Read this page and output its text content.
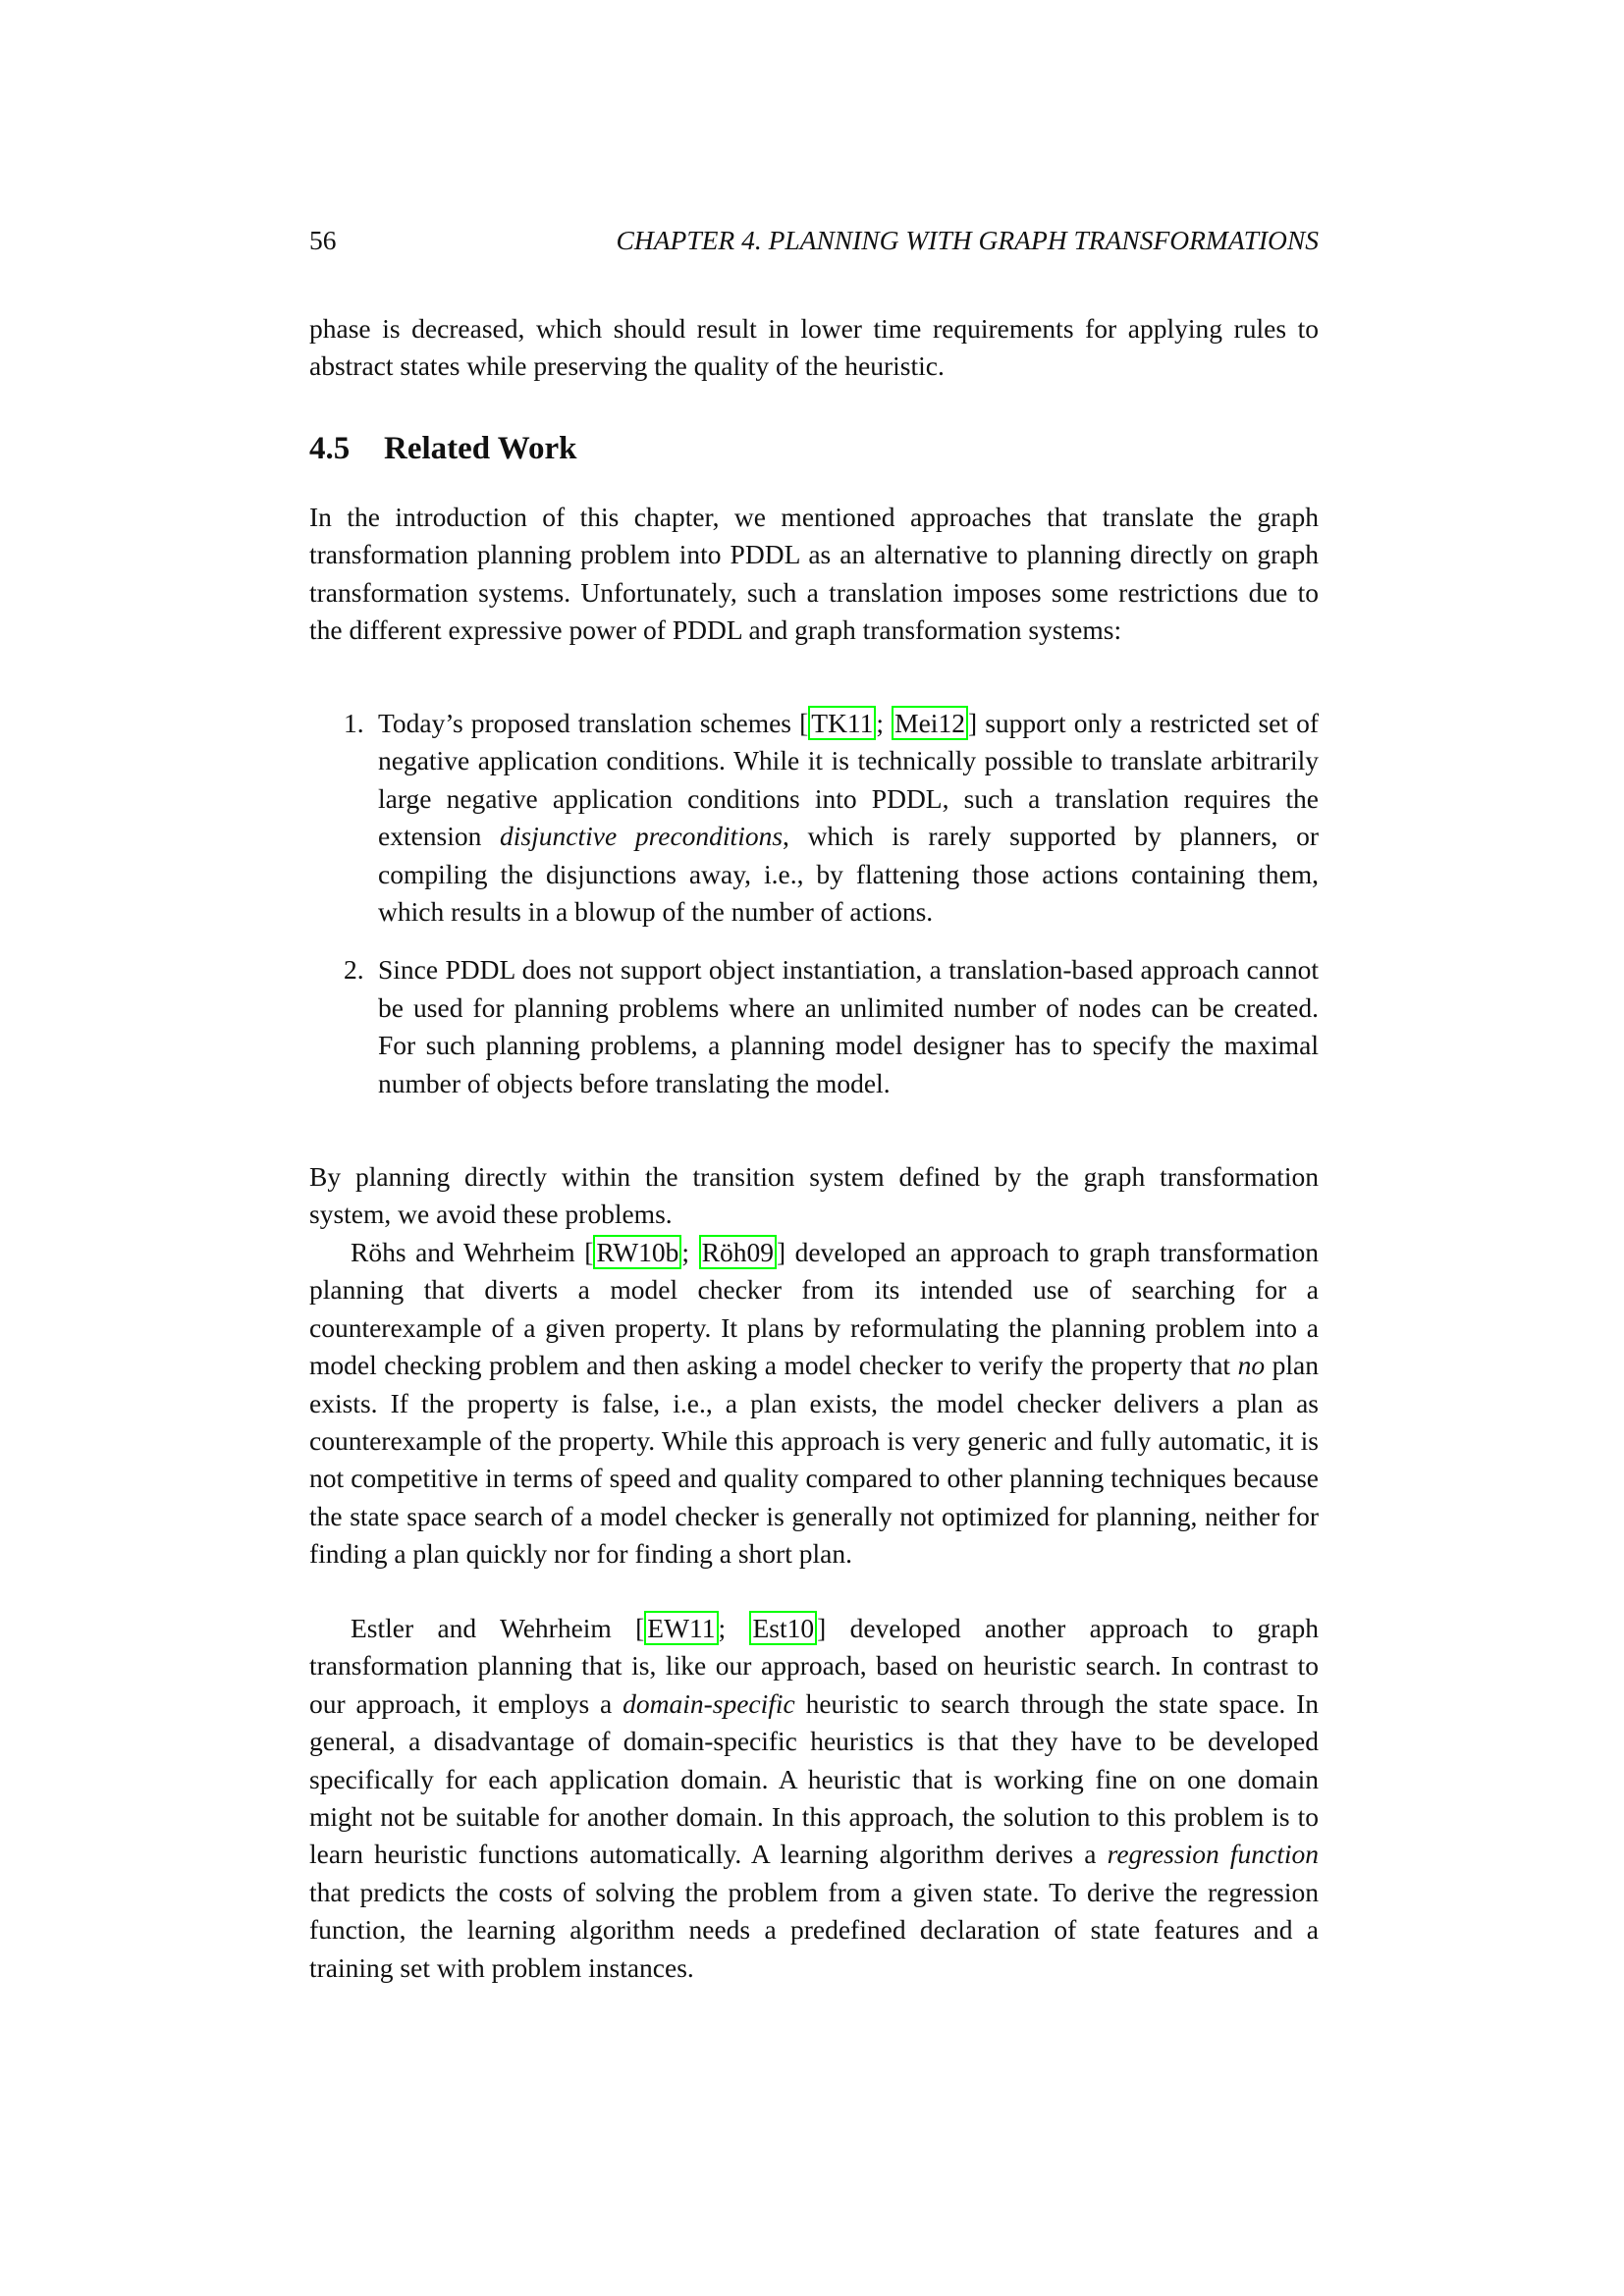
56	CHAPTER 4. PLANNING WITH GRAPH TRANSFORMATIONS

phase is decreased, which should result in lower time requirements for applying rules to abstract states while preserving the quality of the heuristic.

4.5 Related Work

In the introduction of this chapter, we mentioned approaches that translate the graph transformation planning problem into PDDL as an alternative to planning directly on graph transformation systems. Unfortunately, such a translation imposes some restrictions due to the different expressive power of PDDL and graph transformation systems:

1. Today’s proposed translation schemes [ TK11 ; Mei12 ] support only a restricted set of negative application conditions. While it is technically possible to translate arbitrarily large negative application conditions into PDDL, such a translation requires the extension disjunctive preconditions, which is rarely supported by planners, or compiling the disjunctions away, i.e., by flattening those actions containing them, which results in a blowup of the number of actions.
2. Since PDDL does not support object instantiation, a translation-based approach cannot be used for planning problems where an unlimited number of nodes can be created. For such planning problems, a planning model designer has to specify the maximal number of objects before translating the model.

By planning directly within the transition system defined by the graph transformation system, we avoid these problems.

Röhs and Wehrheim [ RW10b ; Röh09 ] developed an approach to graph transformation planning that diverts a model checker from its intended use of searching for a counterexample of a given property. It plans by reformulating the planning problem into a model checking problem and then asking a model checker to verify the property that no plan exists. If the property is false, i.e., a plan exists, the model checker delivers a plan as counterexample of the property. While this approach is very generic and fully automatic, it is not competitive in terms of speed and quality compared to other planning techniques because the state space search of a model checker is generally not optimized for planning, neither for finding a plan quickly nor for finding a short plan.

Estler and Wehrheim [ EW11 ; Est10 ] developed another approach to graph transformation planning that is, like our approach, based on heuristic search. In contrast to our approach, it employs a domain-specific heuristic to search through the state space. In general, a disadvantage of domain-specific heuristics is that they have to be developed specifically for each application domain. A heuristic that is working fine on one domain might not be suitable for another domain. In this approach, the solution to this problem is to learn heuristic functions automatically. A learning algorithm derives a regression function that predicts the costs of solving the problem from a given state. To derive the regression function, the learning algorithm needs a predefined declaration of state features and a training set with problem instances.
